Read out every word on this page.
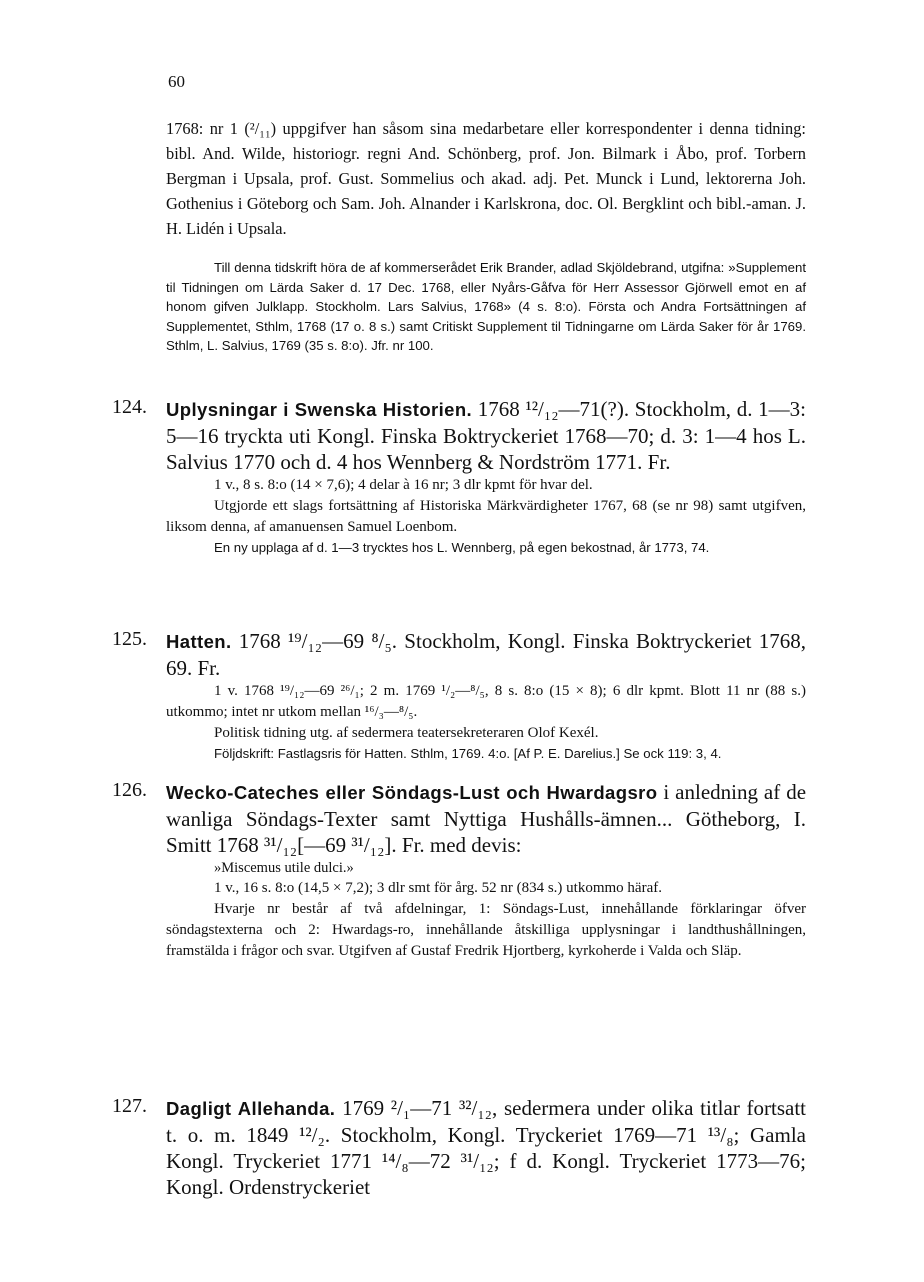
60

1768: nr 1 (²/₁₁) uppgifver han såsom sina medarbetare eller korrespondenter i denna tidning: bibl. And. Wilde, historiogr. regni And. Schönberg, prof. Jon. Bilmark i Åbo, prof. Torbern Bergman i Upsala, prof. Gust. Sommelius och akad. adj. Pet. Munck i Lund, lektorerna Joh. Gothenius i Göteborg och Sam. Joh. Alnander i Karlskrona, doc. Ol. Bergklint och bibl.-aman. J. H. Lidén i Upsala.

Till denna tidskrift höra de af kommerserådet Erik Brander, adlad Skjöldebrand, utgifna: »Supplement til Tidningen om Lärda Saker d. 17 Dec. 1768, eller Nyårs-Gåfva för Herr Assessor Gjörwell emot en af honom gifven Julklapp. Stockholm. Lars Salvius, 1768» (4 s. 8:o). Första och Andra Fortsättningen af Supplementet, Sthlm, 1768 (17 o. 8 s.) samt Critiskt Supplement til Tidningarne om Lärda Saker för år 1769. Sthlm, L. Salvius, 1769 (35 s. 8:o). Jfr. nr 100.

124. Uplysningar i Swenska Historien. 1768 ¹²/₁₂—71(?). Stockholm, d. 1—3: 5—16 tryckta uti Kongl. Finska Boktryckeriet 1768—70; d. 3: 1—4 hos L. Salvius 1770 och d. 4 hos Wennberg & Nordström 1771. Fr.

1 v., 8 s. 8:o (14 × 7,6); 4 delar à 16 nr; 3 dlr kpmt för hvar del.

Utgjorde ett slags fortsättning af Historiska Märkvärdigheter 1767, 68 (se nr 98) samt utgifven, liksom denna, af amanuensen Samuel Loenbom.

En ny upplaga af d. 1—3 trycktes hos L. Wennberg, på egen bekostnad, år 1773, 74.

125. Hatten. 1768 ¹⁹/₁₂—69 ⁸/₅. Stockholm, Kongl. Finska Boktryckeriet 1768, 69. Fr.

1 v. 1768 ¹⁹/₁₂—69 ²⁶/₁; 2 m. 1769 ¹/₂—⁸/₅, 8 s. 8:o (15 × 8); 6 dlr kpmt. Blott 11 nr (88 s.) utkommo; intet nr utkom mellan ¹⁶/₃—⁸/₅.

Politisk tidning utg. af sedermera teatersekreteraren Olof Kexél.

Följdskrift: Fastlagsris för Hatten. Sthlm, 1769. 4:o. [Af P. E. Darelius.] Se ock 119: 3, 4.

126. Wecko-Cateches eller Söndags-Lust och Hwardagsro i anledning af de wanliga Söndags-Texter samt Nyttiga Hushålls-ämnen... Götheborg, I. Smitt 1768 ³¹/₁₂[—69 ³¹/₁₂]. Fr. med devis:

»Miscemus utile dulci.»

1 v., 16 s. 8:o (14,5 × 7,2); 3 dlr smt för årg. 52 nr (834 s.) utkommo häraf.

Hvarje nr består af två afdelningar, 1: Söndags-Lust, innehållande förklaringar öfver söndagstexterna och 2: Hwardags-ro, innehållande åtskilliga upplysningar i landthushållningen, framstälda i frågor och svar. Utgifven af Gustaf Fredrik Hjortberg, kyrkoherde i Valda och Släp.

127. Dagligt Allehanda. 1769 ²/₁—71 ³²/₁₂, sedermera under olika titlar fortsatt t. o. m. 1849 ¹²/₂. Stockholm, Kongl. Tryckeriet 1769—71 ¹³/₈; Gamla Kongl. Tryckeriet 1771 ¹⁴/₈—72 ³¹/₁₂; f d. Kongl. Tryckeriet 1773—76; Kongl. Ordenstryckeriet
